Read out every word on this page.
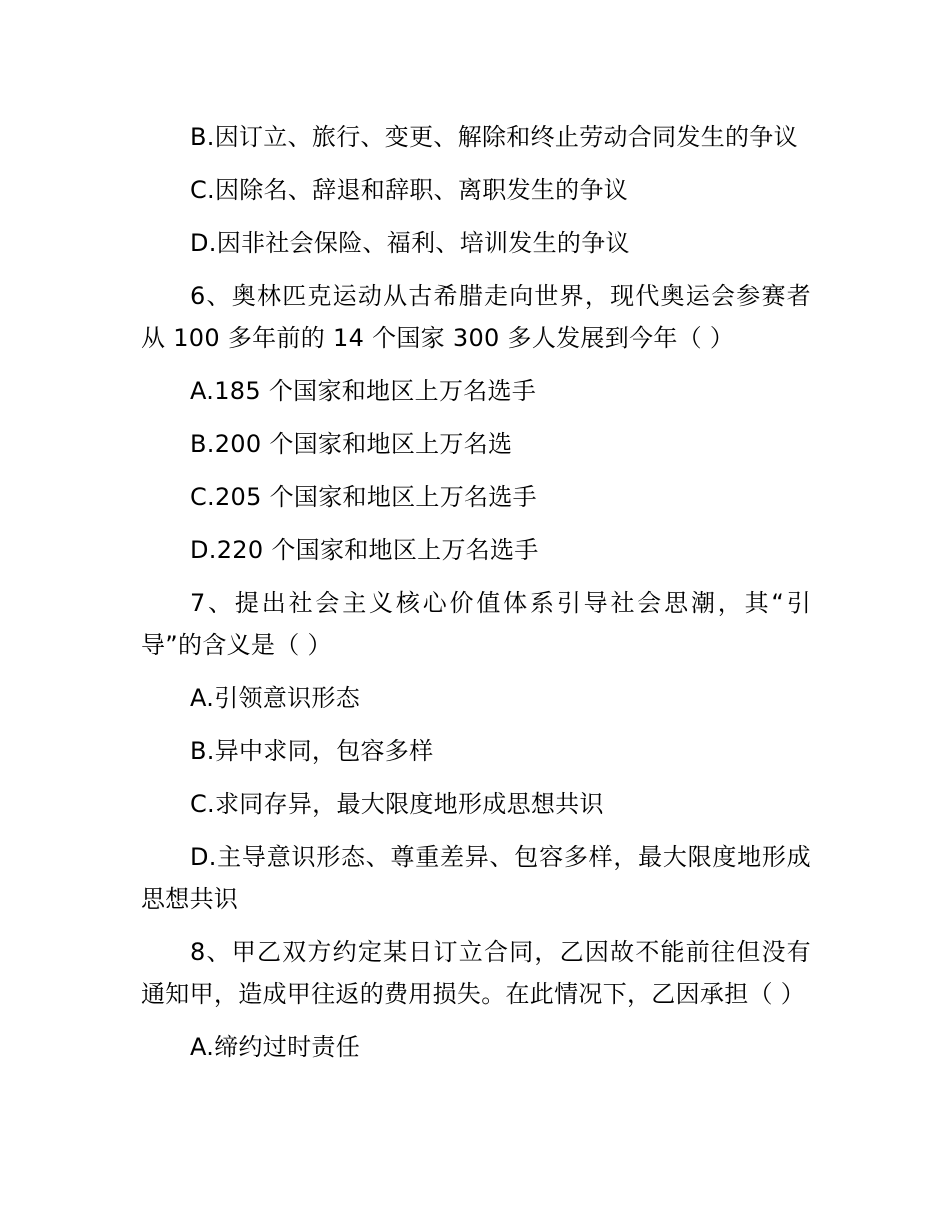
B.因订立、旅行、变更、解除和终止劳动合同发生的争议

C.因除名、辞退和辞职、离职发生的争议

D.因非社会保险、福利、培训发生的争议

6、奥林匹克运动从古希腊走向世界，现代奥运会参赛者从 100 多年前的 14 个国家 300 多人发展到今年（ ）

A.185 个国家和地区上万名选手

B.200 个国家和地区上万名选

C.205 个国家和地区上万名选手

D.220 个国家和地区上万名选手

7、提出社会主义核心价值体系引导社会思潮，其“引导”的含义是（ ）

A.引领意识形态

B.异中求同，包容多样

C.求同存异，最大限度地形成思想共识

D.主导意识形态、尊重差异、包容多样，最大限度地形成思想共识

8、甲乙双方约定某日订立合同，乙因故不能前往但没有通知甲，造成甲往返的费用损失。在此情况下，乙因承担（ ）

A.缔约过时责任
